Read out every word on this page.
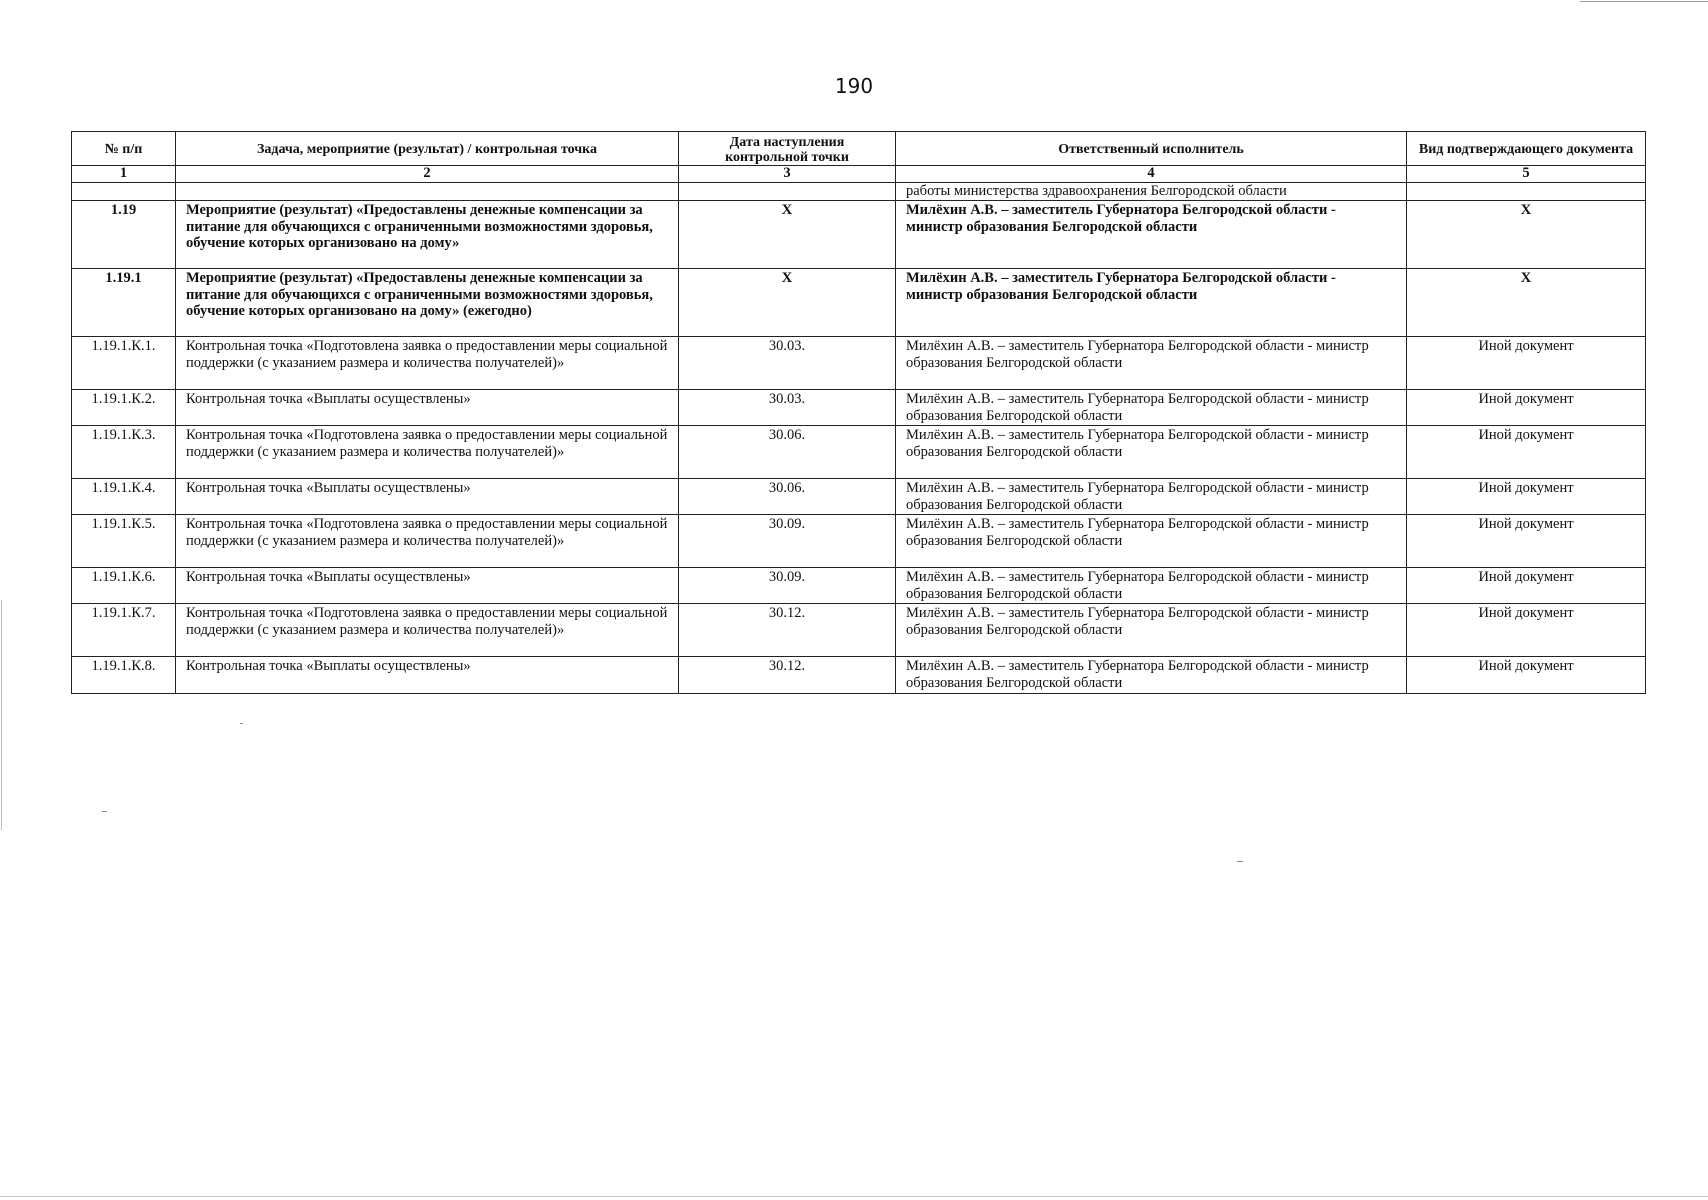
190
№ п/п	Задача, мероприятие (результат) / контрольная точка	Дата наступления контрольной точки	Ответственный исполнитель	Вид подтверждающего документа
1	2	3	4	5
			работы министерства здравоохранения Белгородской области	
1.19	Мероприятие (результат) «Предоставлены денежные компенсации за питание для обучающихся с ограниченными возможностями здоровья, обучение которых организовано на дому»	Х	Милёхин А.В. – заместитель Губернатора Белгородской области - министр образования Белгородской области	Х
1.19.1	Мероприятие (результат) «Предоставлены денежные компенсации за питание для обучающихся с ограниченными возможностями здоровья, обучение которых организовано на дому» (ежегодно)	Х	Милёхин А.В. – заместитель Губернатора Белгородской области - министр образования Белгородской области	Х
1.19.1.К.1.	Контрольная точка «Подготовлена заявка о предоставлении меры социальной поддержки (с указанием размера и количества получателей)»	30.03.	Милёхин А.В. – заместитель Губернатора Белгородской области - министр образования Белгородской области	Иной документ
1.19.1.К.2.	Контрольная точка «Выплаты осуществлены»	30.03.	Милёхин А.В. – заместитель Губернатора Белгородской области - министр образования Белгородской области	Иной документ
1.19.1.К.3.	Контрольная точка «Подготовлена заявка о предоставлении меры социальной поддержки (с указанием размера и количества получателей)»	30.06.	Милёхин А.В. – заместитель Губернатора Белгородской области - министр образования Белгородской области	Иной документ
1.19.1.К.4.	Контрольная точка «Выплаты осуществлены»	30.06.	Милёхин А.В. – заместитель Губернатора Белгородской области - министр образования Белгородской области	Иной документ
1.19.1.К.5.	Контрольная точка «Подготовлена заявка о предоставлении меры социальной поддержки (с указанием размера и количества получателей)»	30.09.	Милёхин А.В. – заместитель Губернатора Белгородской области - министр образования Белгородской области	Иной документ
1.19.1.К.6.	Контрольная точка «Выплаты осуществлены»	30.09.	Милёхин А.В. – заместитель Губернатора Белгородской области - министр образования Белгородской области	Иной документ
1.19.1.К.7.	Контрольная точка «Подготовлена заявка о предоставлении меры социальной поддержки (с указанием размера и количества получателей)»	30.12.	Милёхин А.В. – заместитель Губернатора Белгородской области - министр образования Белгородской области	Иной документ
1.19.1.К.8.	Контрольная точка «Выплаты осуществлены»	30.12.	Милёхин А.В. – заместитель Губернатора Белгородской области - министр образования Белгородской области	Иной документ
